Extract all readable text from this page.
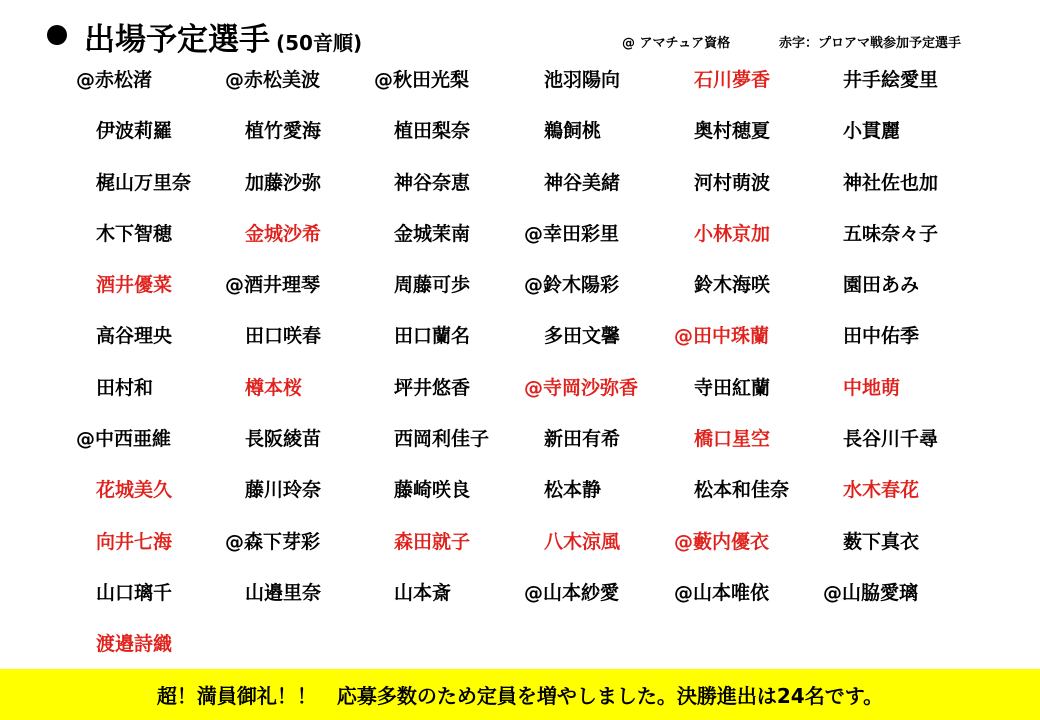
出場予定選手 (50音順)	@ アマチュア資格	赤字：プロアマ戦参加予定選手
@赤松渚	@赤松美波	@秋田光梨	池羽陽向	石川夢香	井手絵愛里
伊波莉羅	植竹愛海	植田梨奈	鵜飼桃	奥村穂夏	小貫麗
梶山万里奈	加藤沙弥	神谷奈恵	神谷美緒	河村萌波	神社佐也加
木下智穂	金城沙希	金城茉南	@幸田彩里	小林京加	五味奈々子
酒井優菜	@酒井理琴	周藤可歩	@鈴木陽彩	鈴木海咲	園田あみ
高谷理央	田口咲春	田口蘭名	多田文馨	@田中珠蘭	田中佑季
田村和	樽本桜	坪井悠香	@寺岡沙弥香	寺田紅蘭	中地萌
@中西亜維	長阪綾苗	西岡利佳子	新田有希	橋口星空	長谷川千尋
花城美久	藤川玲奈	藤崎咲良	松本静	松本和佳奈	水木春花
向井七海	@森下芽彩	森田就子	八木涼風	@藪内優衣	薮下真衣
山口璃千	山邉里奈	山本斎	@山本紗愛	@山本唯依	@山脇愛璃
渡邉詩織
超！満員御礼！！　応募多数のため定員を増やしました。決勝進出は24名です。
